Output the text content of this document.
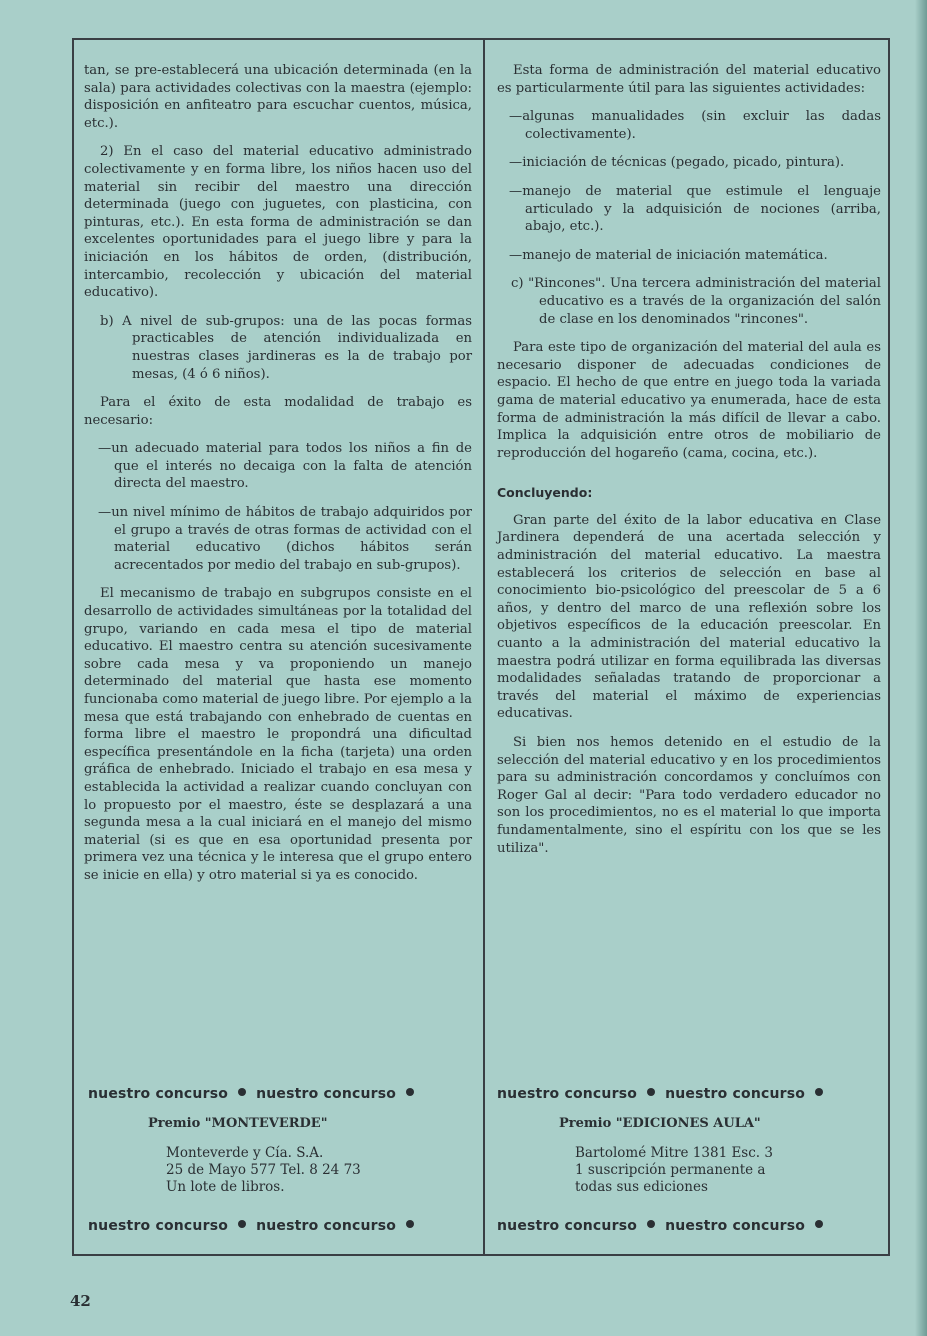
tan, se pre-establecerá una ubicación determinada (en la sala) para actividades colectivas con la maestra (ejemplo: disposición en anfiteatro para escuchar cuentos, música, etc.).

2) En el caso del material educativo administrado colectivamente y en forma libre, los niños hacen uso del material sin recibir del maestro una dirección determinada (juego con juguetes, con plasticina, con pinturas, etc.). En esta forma de administración se dan excelentes oportunidades para el juego libre y para la iniciación en los hábitos de orden, (distribución, intercambio, recolección y ubicación del material educativo).

b) A nivel de sub-grupos: una de las pocas formas practicables de atención individualizada en nuestras clases jardineras es la de trabajo por mesas, (4 ó 6 niños).

Para el éxito de esta modalidad de trabajo es necesario:

—un adecuado material para todos los niños a fin de que el interés no decaiga con la falta de atención directa del maestro.

—un nivel mínimo de hábitos de trabajo adquiridos por el grupo a través de otras formas de actividad con el material educativo (dichos hábitos serán acrecentados por medio del trabajo en sub-grupos).

El mecanismo de trabajo en subgrupos consiste en el desarrollo de actividades simultáneas por la totalidad del grupo, variando en cada mesa el tipo de material educativo. El maestro centra su atención sucesivamente sobre cada mesa y va proponiendo un manejo determinado del material que hasta ese momento funcionaba como material de juego libre. Por ejemplo a la mesa que está trabajando con enhebrado de cuentas en forma libre el maestro le propondrá una dificultad específica presentándole en la ficha (tarjeta) una orden gráfica de enhebrado. Iniciado el trabajo en esa mesa y establecida la actividad a realizar cuando concluyan con lo propuesto por el maestro, éste se desplazará a una segunda mesa a la cual iniciará en el manejo del mismo material (si es que en esa oportunidad presenta por primera vez una técnica y le interesa que el grupo entero se inicie en ella) y otro material si ya es conocido.

Esta forma de administración del material educativo es particularmente útil para las siguientes actividades:

—algunas manualidades (sin excluir las dadas colectivamente).

—iniciación de técnicas (pegado, picado, pintura).

—manejo de material que estimule el lenguaje articulado y la adquisición de nociones (arriba, abajo, etc.).

—manejo de material de iniciación matemática.

c) "Rincones". Una tercera administración del material educativo es a través de la organización del salón de clase en los denominados "rincones".

Para este tipo de organización del material del aula es necesario disponer de adecuadas condiciones de espacio. El hecho de que entre en juego toda la variada gama de material educativo ya enumerada, hace de esta forma de administración la más difícil de llevar a cabo. Implica la adquisición entre otros de mobiliario de reproducción del hogareño (cama, cocina, etc.).

Concluyendo:

Gran parte del éxito de la labor educativa en Clase Jardinera dependerá de una acertada selección y administración del material educativo. La maestra establecerá los criterios de selección en base al conocimiento bio-psicológico del preescolar de 5 a 6 años, y dentro del marco de una reflexión sobre los objetivos específicos de la educación preescolar. En cuanto a la administración del material educativo la maestra podrá utilizar en forma equilibrada las diversas modalidades señaladas tratando de proporcionar a través del material el máximo de experiencias educativas.

Si bien nos hemos detenido en el estudio de la selección del material educativo y en los procedimientos para su administración concordamos y concluímos con Roger Gal al decir: "Para todo verdadero educador no son los procedimientos, no es el material lo que importa fundamentalmente, sino el espíritu con los que se les utiliza".

nuestro concurso nuestro concurso
Premio "MONTEVERDE"
Monteverde y Cía. S.A.
25 de Mayo 577 Tel. 8 24 73
Un lote de libros.
nuestro concurso nuestro concurso
nuestro concurso nuestro concurso
Premio "EDICIONES AULA"
Bartolomé Mitre 1381 Esc. 3
1 suscripción permanente a
todas sus ediciones
nuestro concurso nuestro concurso
42
